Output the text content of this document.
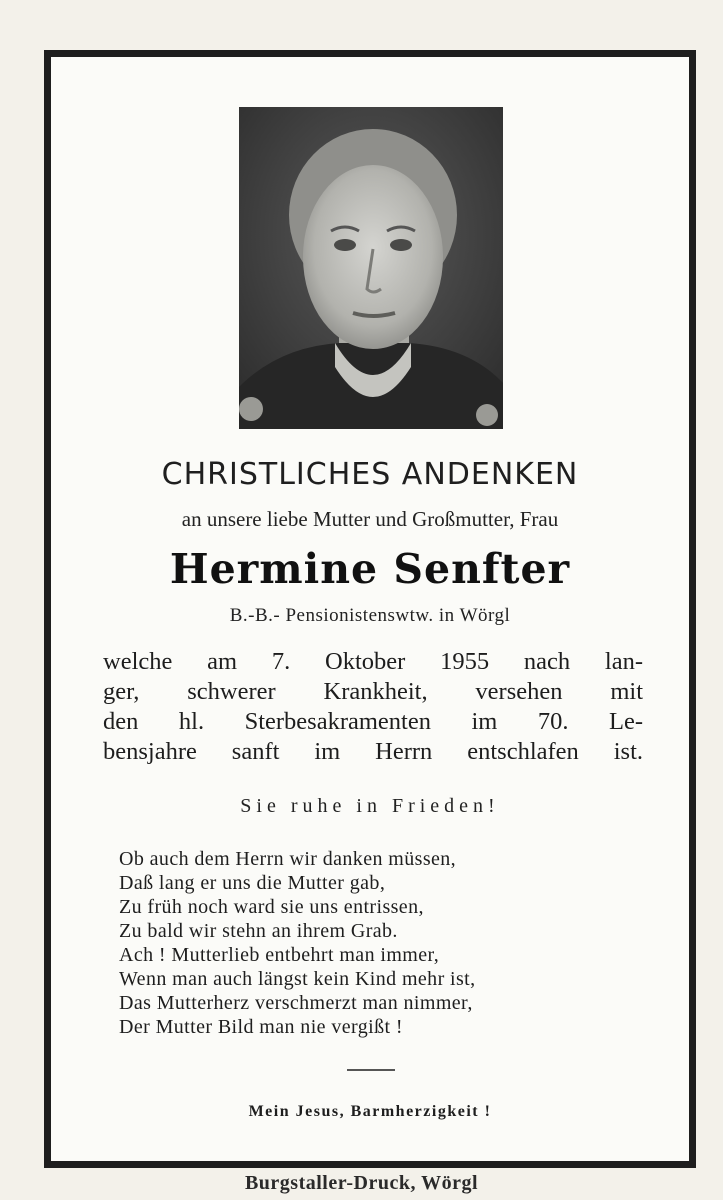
CHRISTLICHES ANDENKEN
an unsere liebe Mutter und Großmutter, Frau
Hermine Senfter
B.-B.- Pensionistenswtw. in Wörgl
welche am 7. Oktober 1955 nach lan-
ger, schwerer Krankheit, versehen mit
den hl. Sterbesakramenten im 70. Le-
bensjahre sanft im Herrn entschlafen ist.
Sie ruhe in Frieden!
Ob auch dem Herrn wir danken müssen,
Daß lang er uns die Mutter gab,
Zu früh noch ward sie uns entrissen,
Zu bald wir stehn an ihrem Grab.
Ach ! Mutterlieb entbehrt man immer,
Wenn man auch längst kein Kind mehr ist,
Das Mutterherz verschmerzt man nimmer,
Der Mutter Bild man nie vergißt !
Mein Jesus, Barmherzigkeit !
Burgstaller-Druck, Wörgl
